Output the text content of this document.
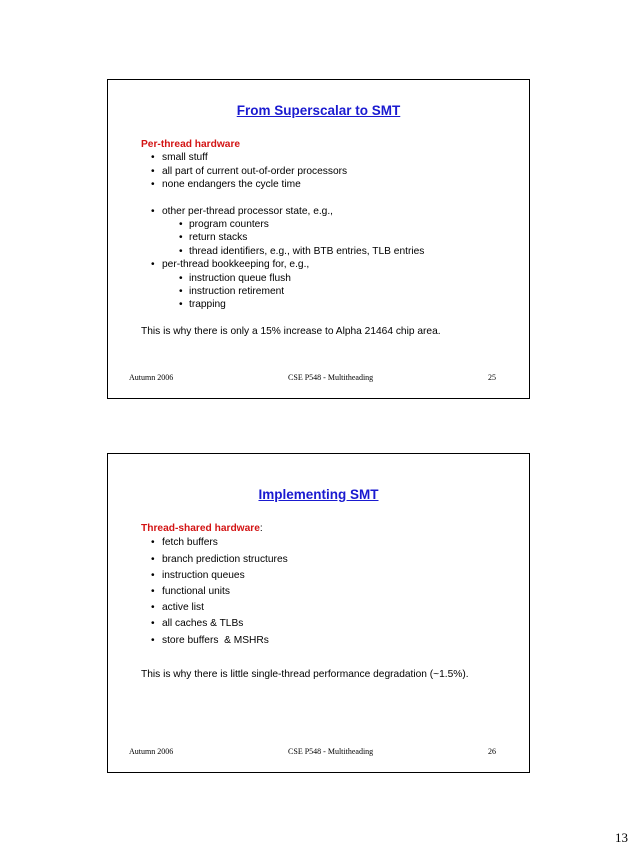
From Superscalar to SMT
Per-thread hardware
• small stuff
• all part of current out-of-order processors
• none endangers the cycle time
• other per-thread processor state, e.g.,
• program counters
• return stacks
• thread identifiers, e.g., with BTB entries, TLB entries
• per-thread bookkeeping for, e.g.,
• instruction queue flush
• instruction retirement
• trapping
This is why there is only a 15% increase to Alpha 21464 chip area.
Autumn 2006	CSE P548 - Multitheading	25
Implementing SMT
Thread-shared hardware:
• fetch buffers
• branch prediction structures
• instruction queues
• functional units
• active list
• all caches & TLBs
• store buffers  & MSHRs
This is why there is little single-thread performance degradation (~1.5%).
Autumn 2006	CSE P548 - Multitheading	26
13
